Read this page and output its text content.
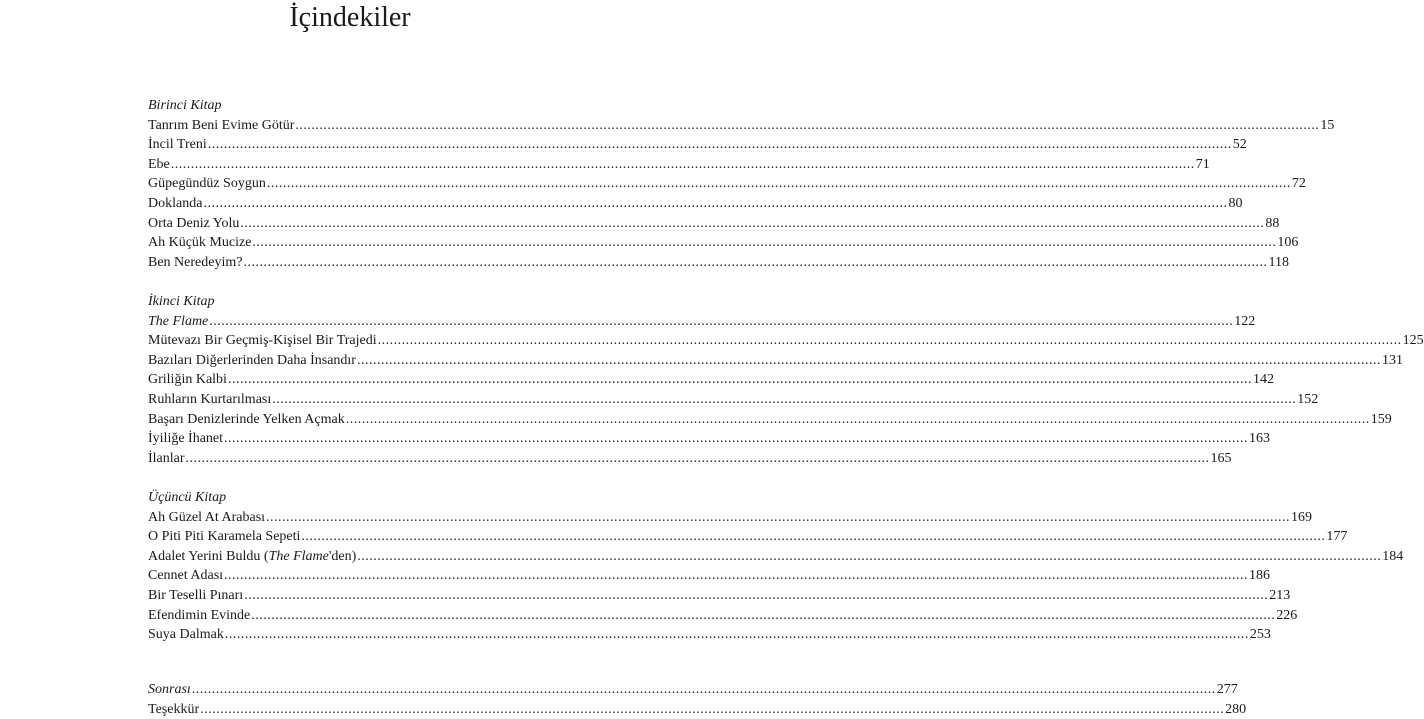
İçindekiler
Birinci Kitap
Tanrım Beni Evime Götür .....	15
İncil Treni .....	52
Ebe .....	71
Güpegündüz Soygun .....	72
Doklanda .....	80
Orta Deniz Yolu .....	88
Ah Küçük Mucize .....	106
Ben Neredeyim? .....	118
İkinci Kitap
The Flame .....	122
Mütevazı Bir Geçmiş-Kişisel Bir Trajedi .....	125
Bazıları Diğerlerinden Daha İnsandır .....	131
Griliğin Kalbi .....	142
Ruhların Kurtarılması .....	152
Başarı Denizlerinde Yelken Açmak .....	159
İyiliğe İhanet .....	163
İlanlar .....	165
Üçüncü Kitap
Ah Güzel At Arabası .....	169
O Piti Piti Karamela Sepeti .....	177
Adalet Yerini Buldu (The Flame'den) .....	184
Cennet Adası .....	186
Bir Teselli Pınarı .....	213
Efendimin Evinde .....	226
Suya Dalmak .....	253
Sonrası .....	277
Teşekkür .....	280
